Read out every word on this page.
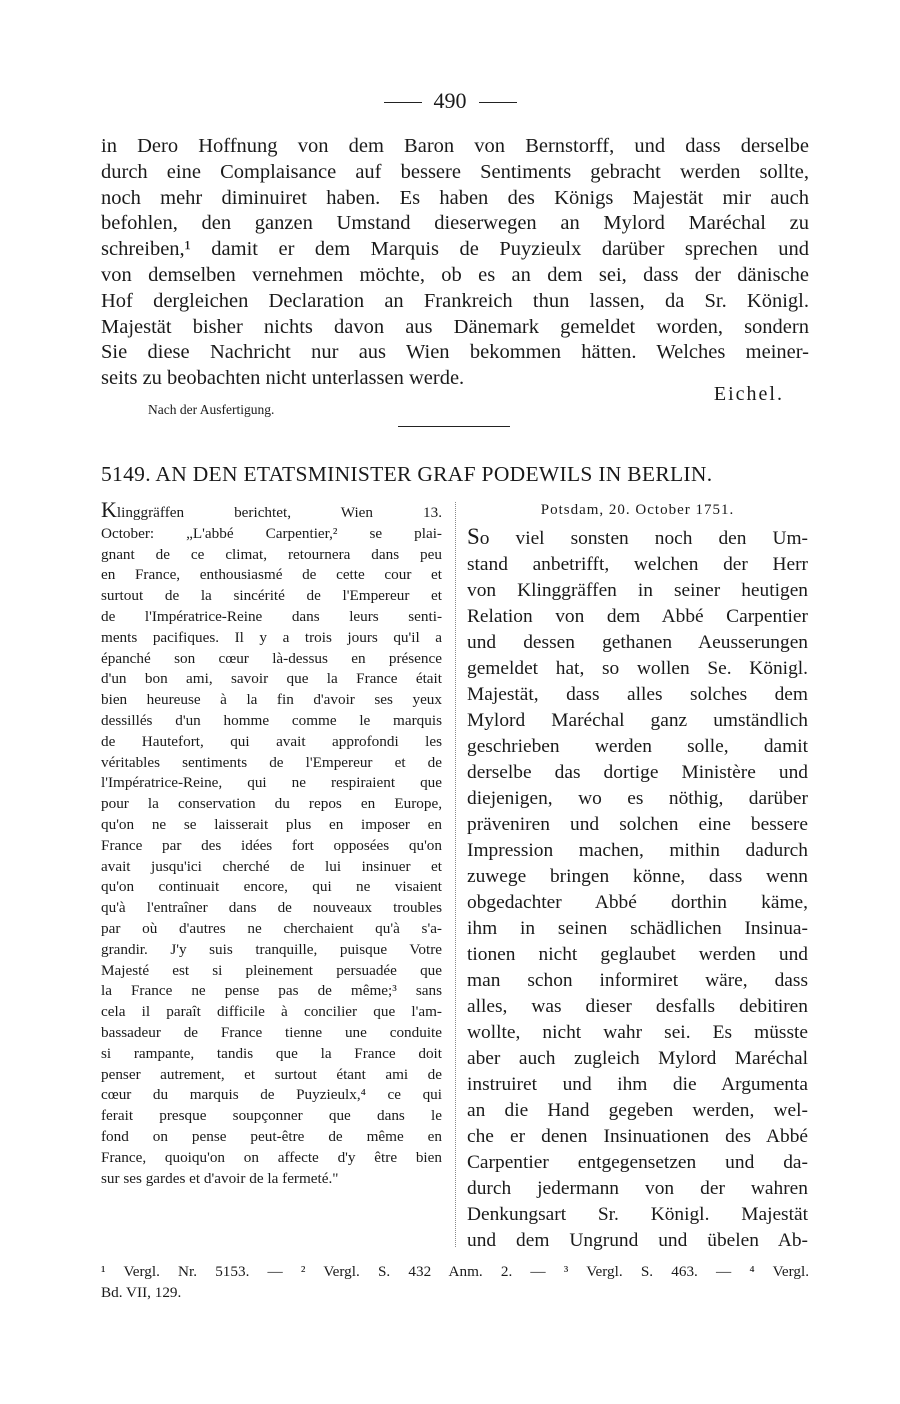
490
in Dero Hoffnung von dem Baron von Bernstorff, und dass derselbe
durch eine Complaisance auf bessere Sentiments gebracht werden sollte,
noch mehr diminuiret haben. Es haben des Königs Majestät mir auch
befohlen, den ganzen Umstand dieserwegen an Mylord Maréchal zu
schreiben,¹ damit er dem Marquis de Puyzieulx darüber sprechen und
von demselben vernehmen möchte, ob es an dem sei, dass der dänische
Hof dergleichen Declaration an Frankreich thun lassen, da Sr. Königl.
Majestät bisher nichts davon aus Dänemark gemeldet worden, sondern
Sie diese Nachricht nur aus Wien bekommen hätten. Welches meiner-
seits zu beobachten nicht unterlassen werde.
Eichel.
Nach der Ausfertigung.
5149. AN DEN ETATSMINISTER GRAF PODEWILS IN BERLIN.
Klinggräffen berichtet, Wien 13.
October: „L'abbé Carpentier,² se plai-
gnant de ce climat, retournera dans peu
en France, enthousiasmé de cette cour et
surtout de la sincérité de l'Empereur et
de l'Impératrice-Reine dans leurs senti-
ments pacifiques. Il y a trois jours qu'il a
épanché son cœur là-dessus en présence
d'un bon ami, savoir que la France était
bien heureuse à la fin d'avoir ses yeux
dessillés d'un homme comme le marquis
de Hautefort, qui avait approfondi les
véritables sentiments de l'Empereur et de
l'Impératrice-Reine, qui ne respiraient que
pour la conservation du repos en Europe,
qu'on ne se laisserait plus en imposer en
France par des idées fort opposées qu'on
avait jusqu'ici cherché de lui insinuer et
qu'on continuait encore, qui ne visaient
qu'à l'entraîner dans de nouveaux troubles
par où d'autres ne cherchaient qu'à s'a-
grandir. J'y suis tranquille, puisque Votre
Majesté est si pleinement persuadée que
la France ne pense pas de même;³ sans
cela il paraît difficile à concilier que l'am-
bassadeur de France tienne une conduite
si rampante, tandis que la France doit
penser autrement, et surtout étant ami de
cœur du marquis de Puyzieulx,⁴ ce qui
ferait presque soupçonner que dans le
fond on pense peut-être de même en
France, quoiqu'on on affecte d'y être bien
sur ses gardes et d'avoir de la fermeté."
Potsdam, 20. October 1751.
So viel sonsten noch den Um-
stand anbetrifft, welchen der Herr
von Klinggräffen in seiner heutigen
Relation von dem Abbé Carpentier
und dessen gethanen Aeusserungen
gemeldet hat, so wollen Se. Königl.
Majestät, dass alles solches dem
Mylord Maréchal ganz umständlich
geschrieben werden solle, damit
derselbe das dortige Ministère und
diejenigen, wo es nöthig, darüber
präveniren und solchen eine bessere
Impression machen, mithin dadurch
zuwege bringen könne, dass wenn
obgedachter Abbé dorthin käme,
ihm in seinen schädlichen Insinua-
tionen nicht geglaubet werden und
man schon informiret wäre, dass
alles, was dieser desfalls debitiren
wollte, nicht wahr sei. Es müsste
aber auch zugleich Mylord Maréchal
instruiret und ihm die Argumenta
an die Hand gegeben werden, wel-
che er denen Insinuationen des Abbé
Carpentier entgegensetzen und da-
durch jedermann von der wahren
Denkungsart Sr. Königl. Majestät
und dem Ungrund und übelen Ab-
¹ Vergl. Nr. 5153. — ² Vergl. S. 432 Anm. 2. — ³ Vergl. S. 463. — ⁴ Vergl.
Bd. VII, 129.
